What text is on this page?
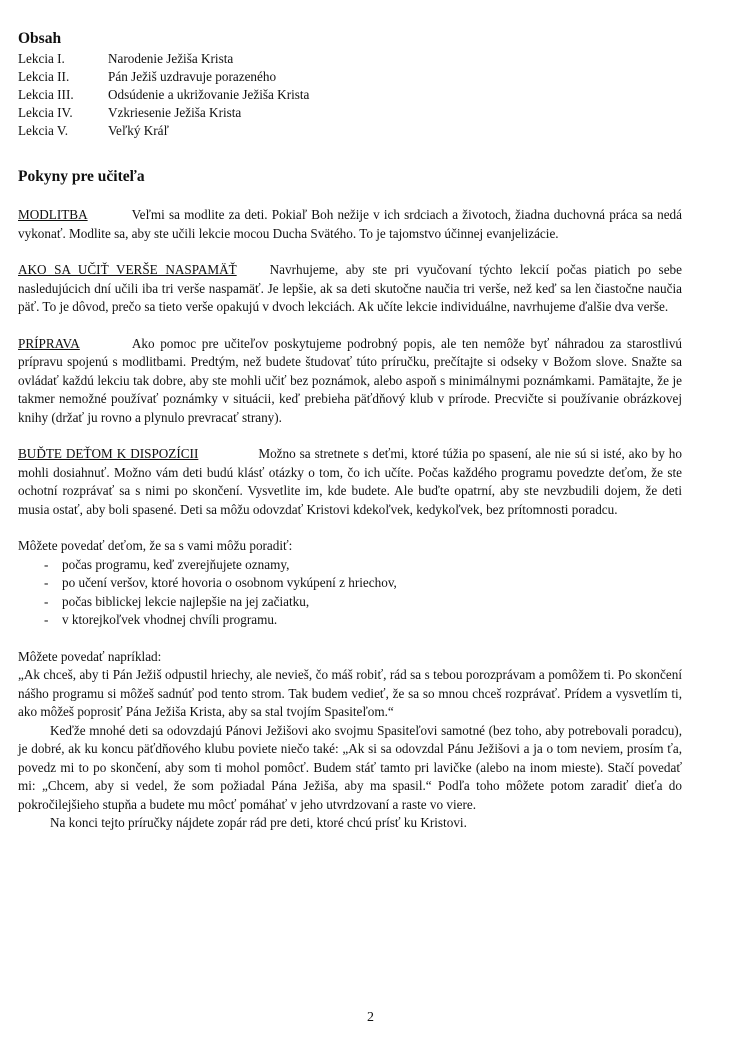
Obsah
Lekcia I.	Narodenie Ježiša Krista
Lekcia II.	Pán Ježiš uzdravuje porazeného
Lekcia III.	Odsúdenie a ukrižovanie Ježiša Krista
Lekcia IV.	Vzkriesenie Ježiša Krista
Lekcia V.	Veľký Kráľ
Pokyny pre učiteľa

MODLITBA	Veľmi sa modlite za deti. Pokiaľ Boh nežije v ich srdciach a životoch, žiadna duchovná práca sa nedá vykonať. Modlite sa, aby ste učili lekcie mocou Ducha Svätého. To je tajomstvo účinnej evanjelizácie.

AKO SA UČIŤ VERŠE NASPAMÄŤ	Navrhujeme, aby ste pri vyučovaní týchto lekcií počas piatich po sebe nasledujúcich dní učili iba tri verše naspamäť. Je lepšie, ak sa deti skutočne naučia tri verše, než keď sa len čiastočne naučia päť. To je dôvod, prečo sa tieto verše opakujú v dvoch lekciách. Ak učíte lekcie individuálne, navrhujeme ďalšie dva verše.

PRÍPRAVA	Ako pomoc pre učiteľov poskytujeme podrobný popis, ale ten nemôže byť náhradou za starostlivú prípravu spojenú s modlitbami. Predtým, než budete študovať túto príručku, prečítajte si odseky v Božom slove. Snažte sa ovládať každú lekciu tak dobre, aby ste mohli učiť bez poznámok, alebo aspoň s minimálnymi poznámkami. Pamätajte, že je takmer nemožné používať poznámky v situácii, keď prebieha päťdňový klub v prírode. Precvičte si používanie obrázkovej knihy (držať ju rovno a plynulo prevracať strany).

BUĎTE DEŤOM K DISPOZÍCII	Možno sa stretnete s deťmi, ktoré túžia po spasení, ale nie sú si isté, ako by ho mohli dosiahnuť. Možno vám deti budú klásť otázky o tom, čo ich učíte. Počas každého programu povedzte deťom, že ste ochotní rozprávať sa s nimi po skončení. Vysvetlite im, kde budete. Ale buďte opatrní, aby ste nevzbudili dojem, že deti musia ostať, aby boli spasené. Deti sa môžu odovzdať Kristovi kdekoľvek, kedykoľvek, bez prítomnosti poradcu.

Môžete povedať deťom, že sa s vami môžu poradiť:

-	počas programu, keď zverejňujete oznamy,
-	po učení veršov, ktoré hovoria o osobnom vykúpení z hriechov,
-	počas biblickej lekcie najlepšie na jej začiatku,
-	v ktorejkoľvek vhodnej chvíli programu.

Môžete povedať napríklad:

„Ak chceš, aby ti Pán Ježiš odpustil hriechy, ale nevieš, čo máš robiť, rád sa s tebou porozprávam a pomôžem ti. Po skončení nášho programu si môžeš sadnúť pod tento strom. Tak budem vedieť, že sa so mnou chceš rozprávať. Prídem a vysvetlím ti, ako môžeš poprosiť Pána Ježiša Krista, aby sa stal tvojím Spasiteľom.“

Keďže mnohé deti sa odovzdajú Pánovi Ježišovi ako svojmu Spasiteľovi samotné (bez toho, aby potrebovali poradcu), je dobré, ak ku koncu päťdňového klubu poviete niečo také: „Ak si sa odovzdal Pánu Ježišovi a ja o tom neviem, prosím ťa, povedz mi to po skončení, aby som ti mohol pomôcť. Budem stáť tamto pri lavičke (alebo na inom mieste). Stačí povedať mi: „Chcem, aby si vedel, že som požiadal Pána Ježiša, aby ma spasil.“ Podľa toho môžete potom zaradiť dieťa do pokročilejšieho stupňa a budete mu môcť pomáhať v jeho utvrdzovaní a raste vo viere.

Na konci tejto príručky nájdete zopár rád pre deti, ktoré chcú prísť ku Kristovi.

2
